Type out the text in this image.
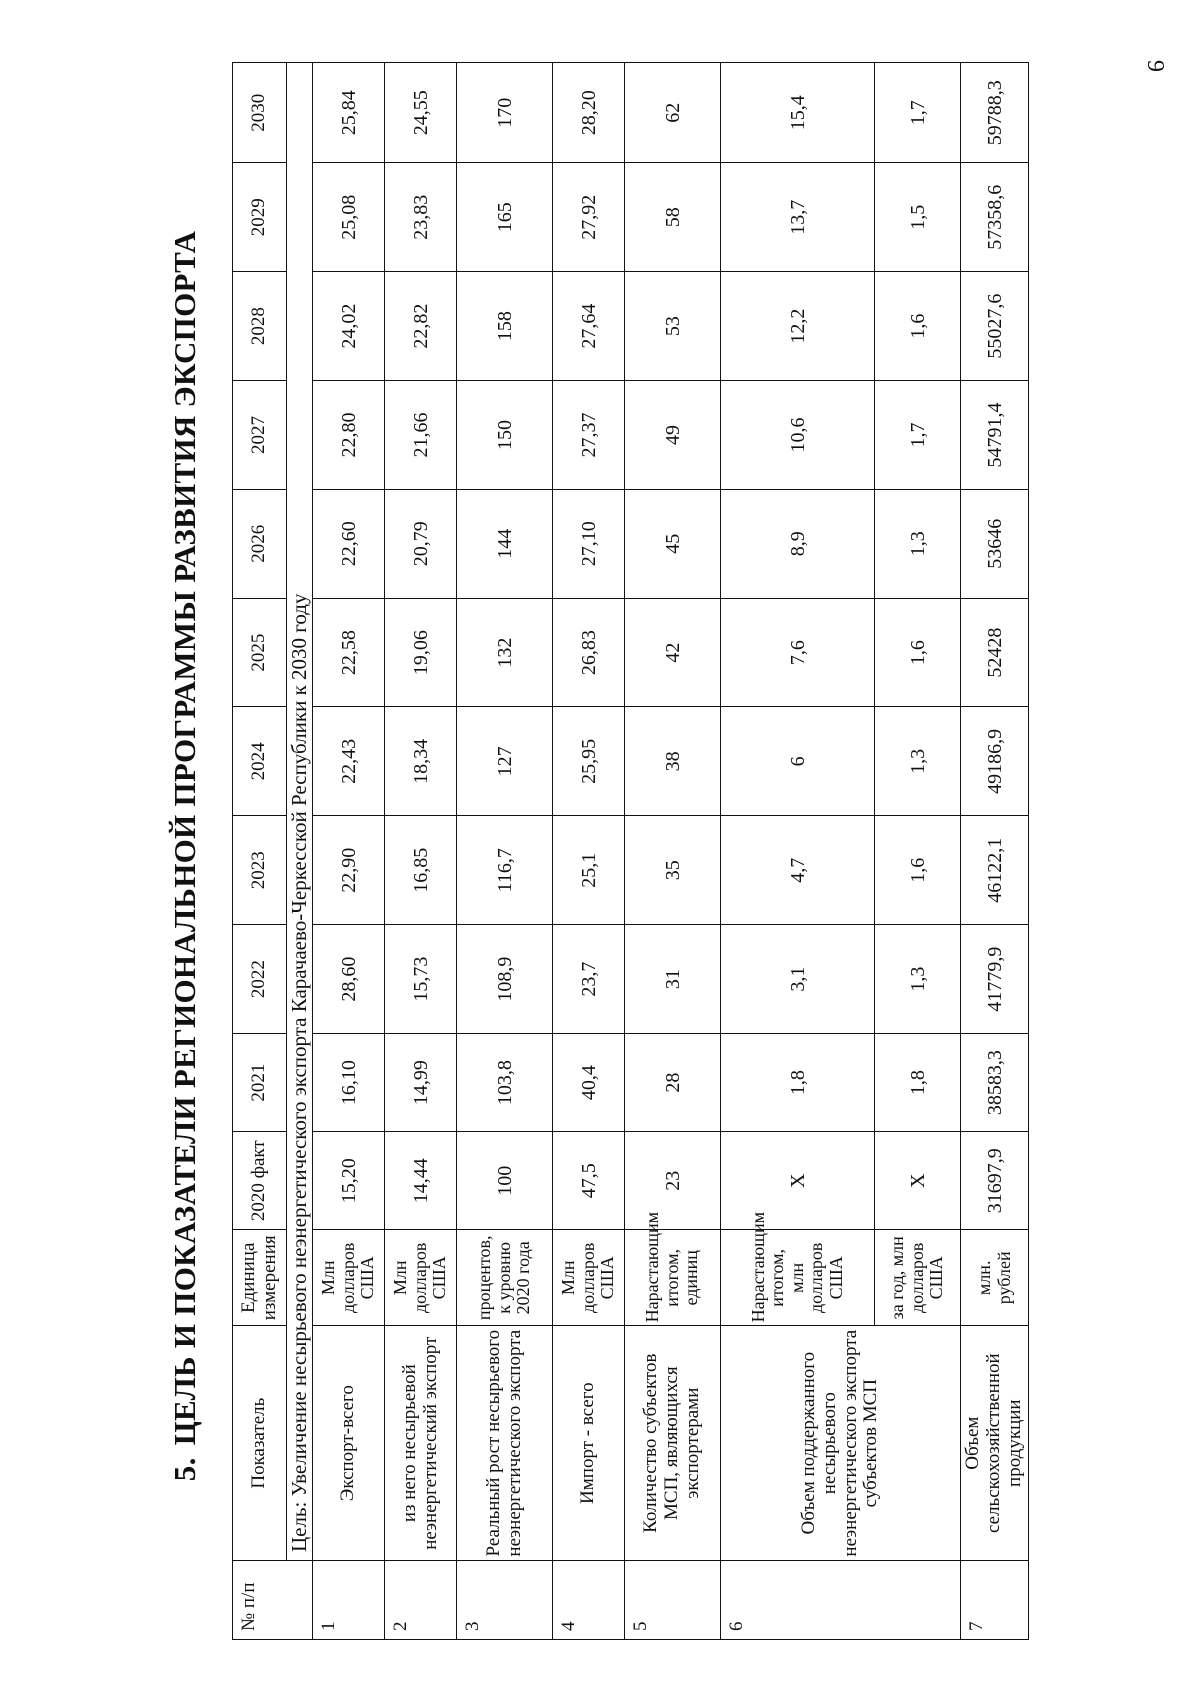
9
5.ЦЕЛЬ И ПОКАЗАТЕЛИ РЕГИОНАЛЬНОЙ ПРОГРАММЫ РАЗВИТИЯ ЭКСПОРТА
№ п/п	Показатель	Единица измерения	2020 факт	2021	2022	2023	2024	2025	2026	2027	2028	2029	2030
	Цель: Увеличение несырьевого неэнергетического экспорта Карачаево-Черкесской Республики к 2030 году												
1	Экспорт-всего	Млн долларов США	15,20	16,10	28,60	22,90	22,43	22,58	22,60	22,80	24,02	25,08	25,84
2	из него несырьевой неэнергетический экспорт	Млн долларов США	14,44	14,99	15,73	16,85	18,34	19,06	20,79	21,66	22,82	23,83	24,55
3	Реальный рост несырьевого неэнергетического экспорта	процентов, к уровню 2020 года	100	103,8	108,9	116,7	127	132	144	150	158	165	170
4	Импорт - всего	Млн долларов США	47,5	40,4	23,7	25,1	25,95	26,83	27,10	27,37	27,64	27,92	28,20
5	Количество субъектов МСП, являющихся экспортерами	Нарастающим итогом, единиц	23	28	31	35	38	42	45	49	53	58	62
6	Объем поддержанного несырьевого неэнергетического экспорта субъектов МСП	Нарастающим итогом, млн долларов США	Х	1,8	3,1	4,7	6	7,6	8,9	10,6	12,2	13,7	15,4
		за год, млн долларов США	Х	1,8	1,3	1,6	1,3	1,6	1,3	1,7	1,6	1,5	1,7
7	Объем сельскохозяйственной продукции	млн. рублей	31697,9	38583,3	41779,9	46122,1	49186,9	52428	53646	54791,4	55027,6	57358,6	59788,3
